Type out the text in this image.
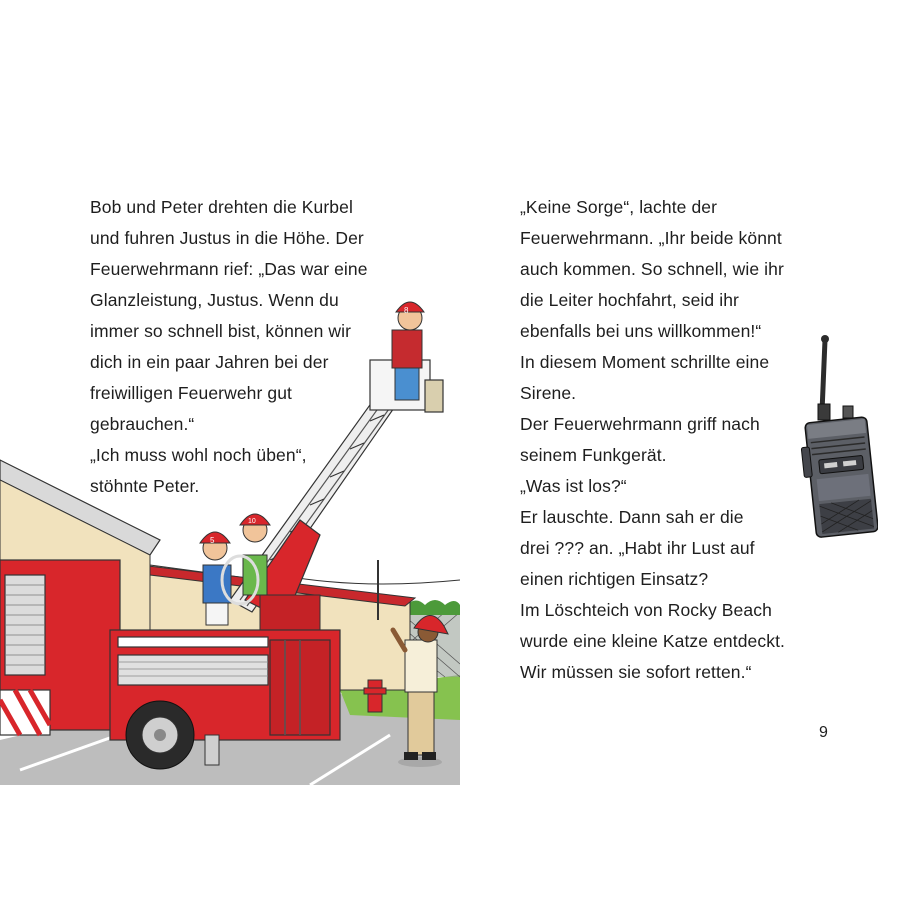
Bob und Peter drehten die Kurbel
und fuhren Justus in die Höhe. Der
Feuerwehrmann rief: „Das war eine
Glanzleistung, Justus. Wenn du
immer so schnell bist, können wir
dich in ein paar Jahren bei der
freiwilligen Feuerwehr gut
gebrauchen.“
„Ich muss wohl noch üben“,
stöhnte Peter.
„Keine Sorge“, lachte der
Feuerwehrmann. „Ihr beide könnt
auch kommen. So schnell, wie ihr
die Leiter hochfahrt, seid ihr
ebenfalls bei uns willkommen!“
In diesem Moment schrillte eine
Sirene.
Der Feuerwehrmann griff nach
seinem Funkgerät.
„Was ist los?“
Er lauschte. Dann sah er die
drei ??? an. „Habt ihr Lust auf
einen richtigen Einsatz?
Im Löschteich von Rocky Beach
wurde eine kleine Katze entdeckt.
Wir müssen sie sofort retten.“
9
8
5
10
